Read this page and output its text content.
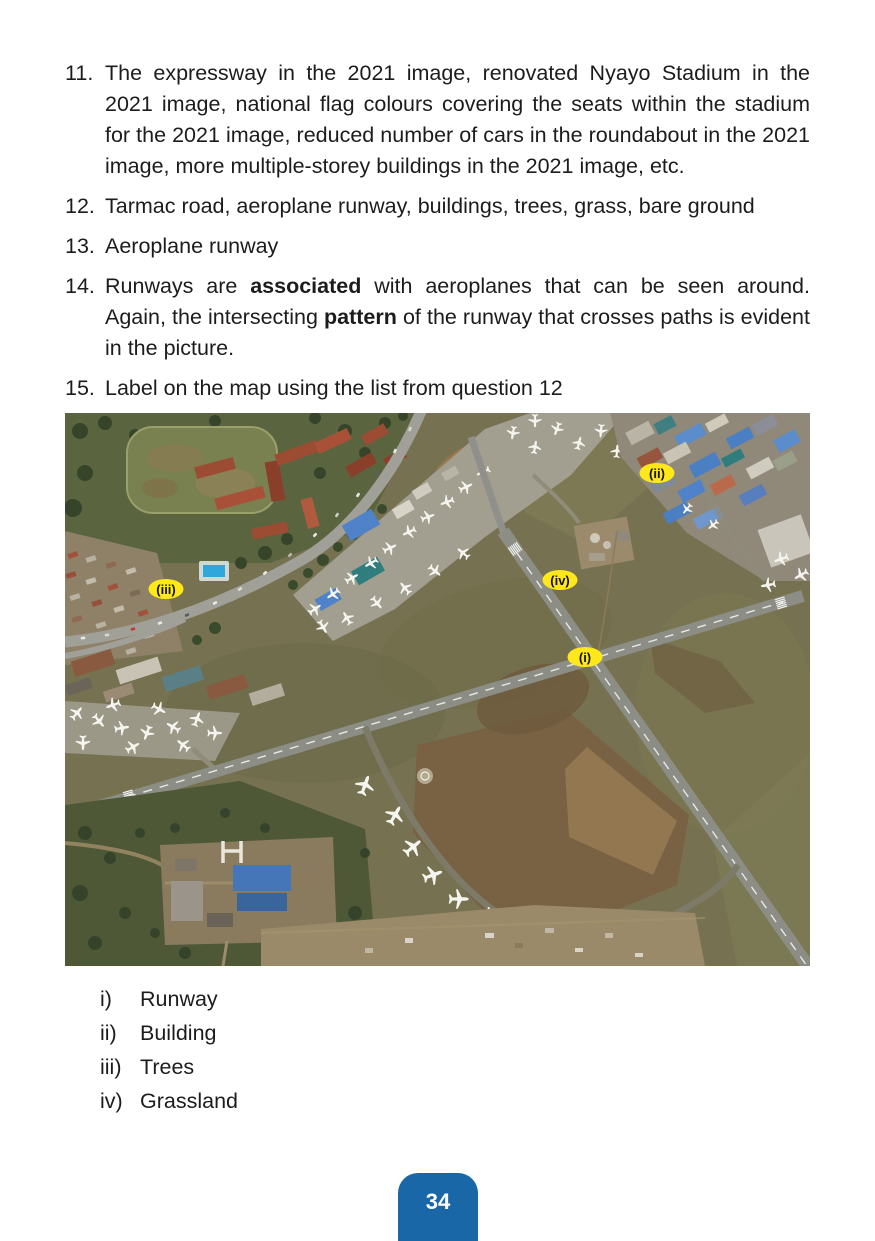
11. The expressway in the 2021 image, renovated Nyayo Stadium in the 2021 image, national flag colours covering the seats within the stadium for the 2021 image, reduced number of cars in the roundabout in the 2021 image, more multiple-storey buildings in the 2021 image, etc.

12. Tarmac road, aeroplane runway, buildings, trees, grass, bare ground

13. Aeroplane runway

14. Runways are associated with aeroplanes that can be seen around. Again, the intersecting pattern of the runway that crosses paths is evident in the picture.

15. Label on the map using the list from question 12

(i)
(ii)
(iii)
(iv)
i)	Runway
ii)	Building
iii) Trees
iv) Grassland
34
